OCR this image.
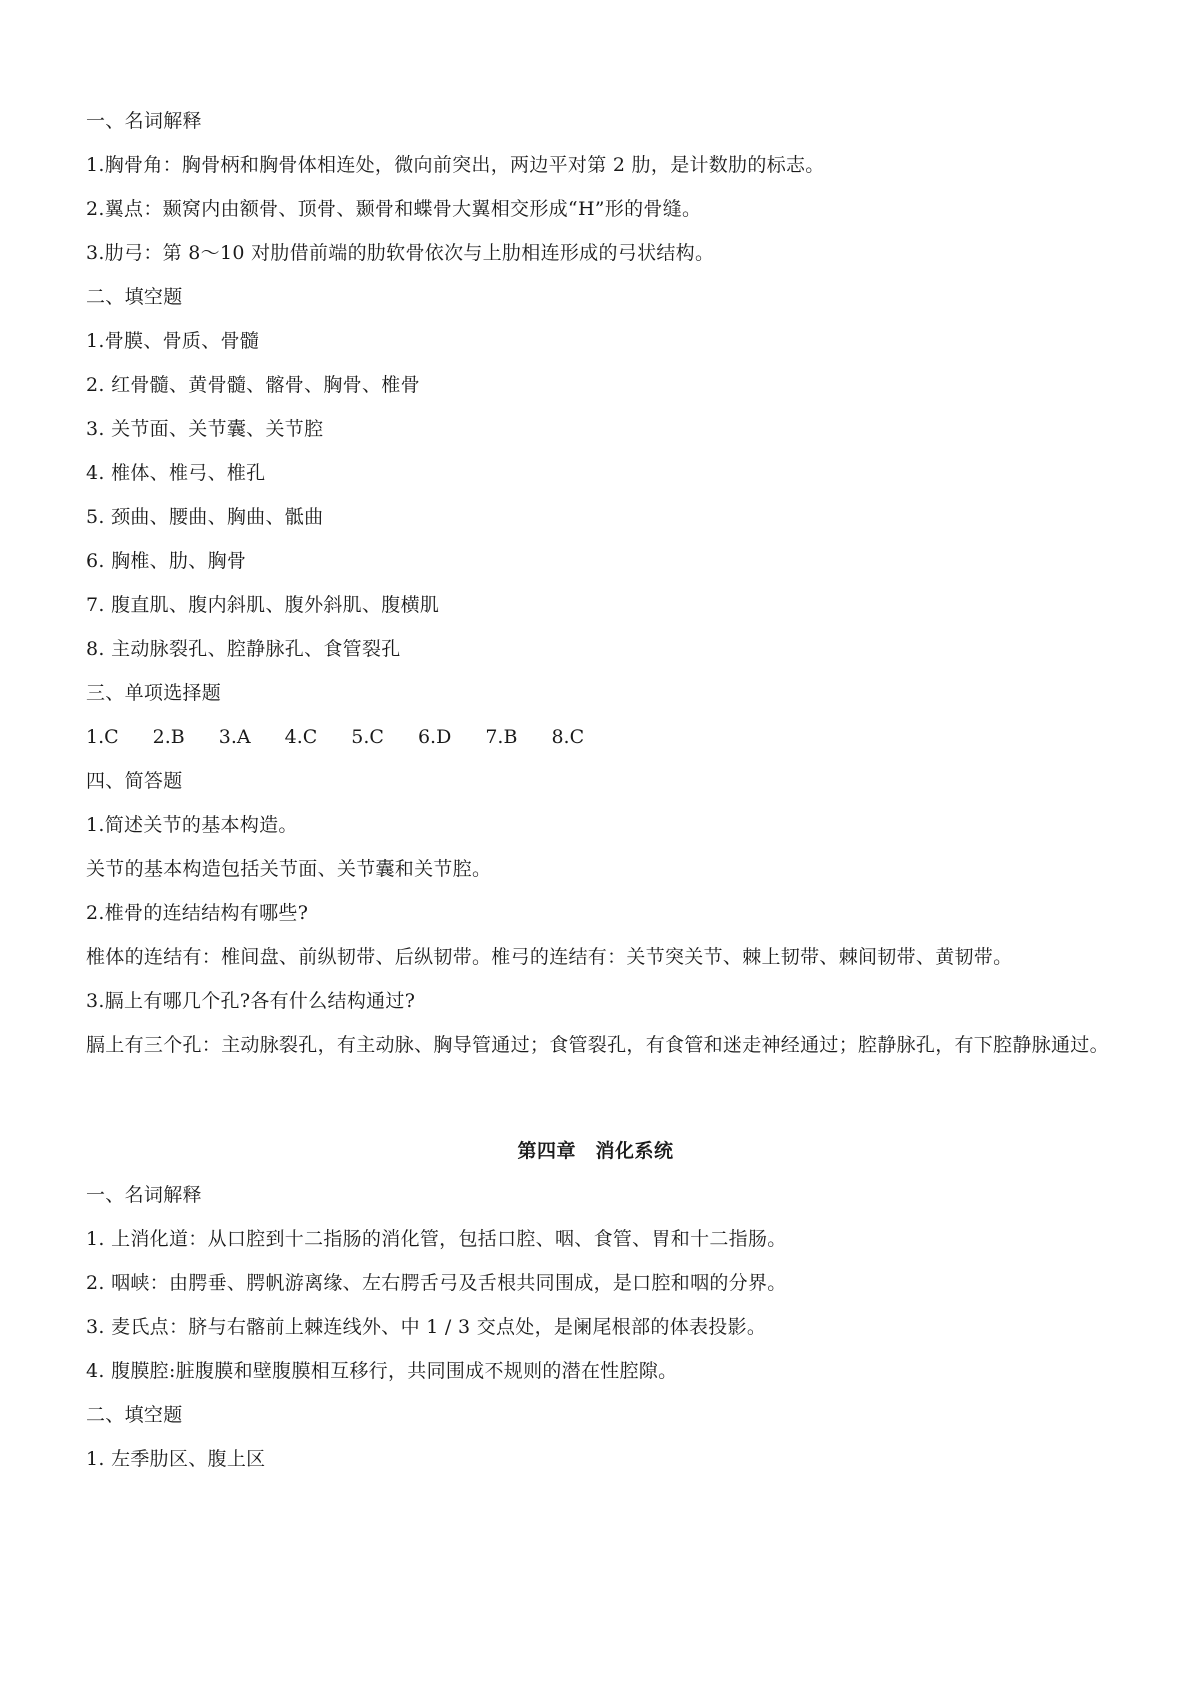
一、名词解释
1.胸骨角：胸骨柄和胸骨体相连处，微向前突出，两边平对第 2 肋，是计数肋的标志。
2.翼点：颞窝内由额骨、顶骨、颞骨和蝶骨大翼相交形成“H”形的骨缝。
3.肋弓：第 8～10 对肋借前端的肋软骨依次与上肋相连形成的弓状结构。
二、填空题
1.骨膜、骨质、骨髓
2. 红骨髓、黄骨髓、髂骨、胸骨、椎骨
3. 关节面、关节囊、关节腔
4. 椎体、椎弓、椎孔
5. 颈曲、腰曲、胸曲、骶曲
6. 胸椎、肋、胸骨
7. 腹直肌、腹内斜肌、腹外斜肌、腹横肌
8. 主动脉裂孔、腔静脉孔、食管裂孔
三、单项选择题
1.C 2.B 3.A 4.C 5.C 6.D 7.B 8.C
四、简答题
1.简述关节的基本构造。
关节的基本构造包括关节面、关节囊和关节腔。
2.椎骨的连结结构有哪些?
椎体的连结有：椎间盘、前纵韧带、后纵韧带。椎弓的连结有：关节突关节、棘上韧带、棘间韧带、黄韧带。
3.膈上有哪几个孔?各有什么结构通过?
膈上有三个孔：主动脉裂孔，有主动脉、胸导管通过；食管裂孔，有食管和迷走神经通过；腔静脉孔，有下腔静脉通过。
第四章　消化系统
一、名词解释
1. 上消化道：从口腔到十二指肠的消化管，包括口腔、咽、食管、胃和十二指肠。
2. 咽峡：由腭垂、腭帆游离缘、左右腭舌弓及舌根共同围成，是口腔和咽的分界。
3. 麦氏点：脐与右髂前上棘连线外、中 1 / 3 交点处，是阑尾根部的体表投影。
4. 腹膜腔:脏腹膜和壁腹膜相互移行，共同围成不规则的潜在性腔隙。
二、填空题
1. 左季肋区、腹上区
